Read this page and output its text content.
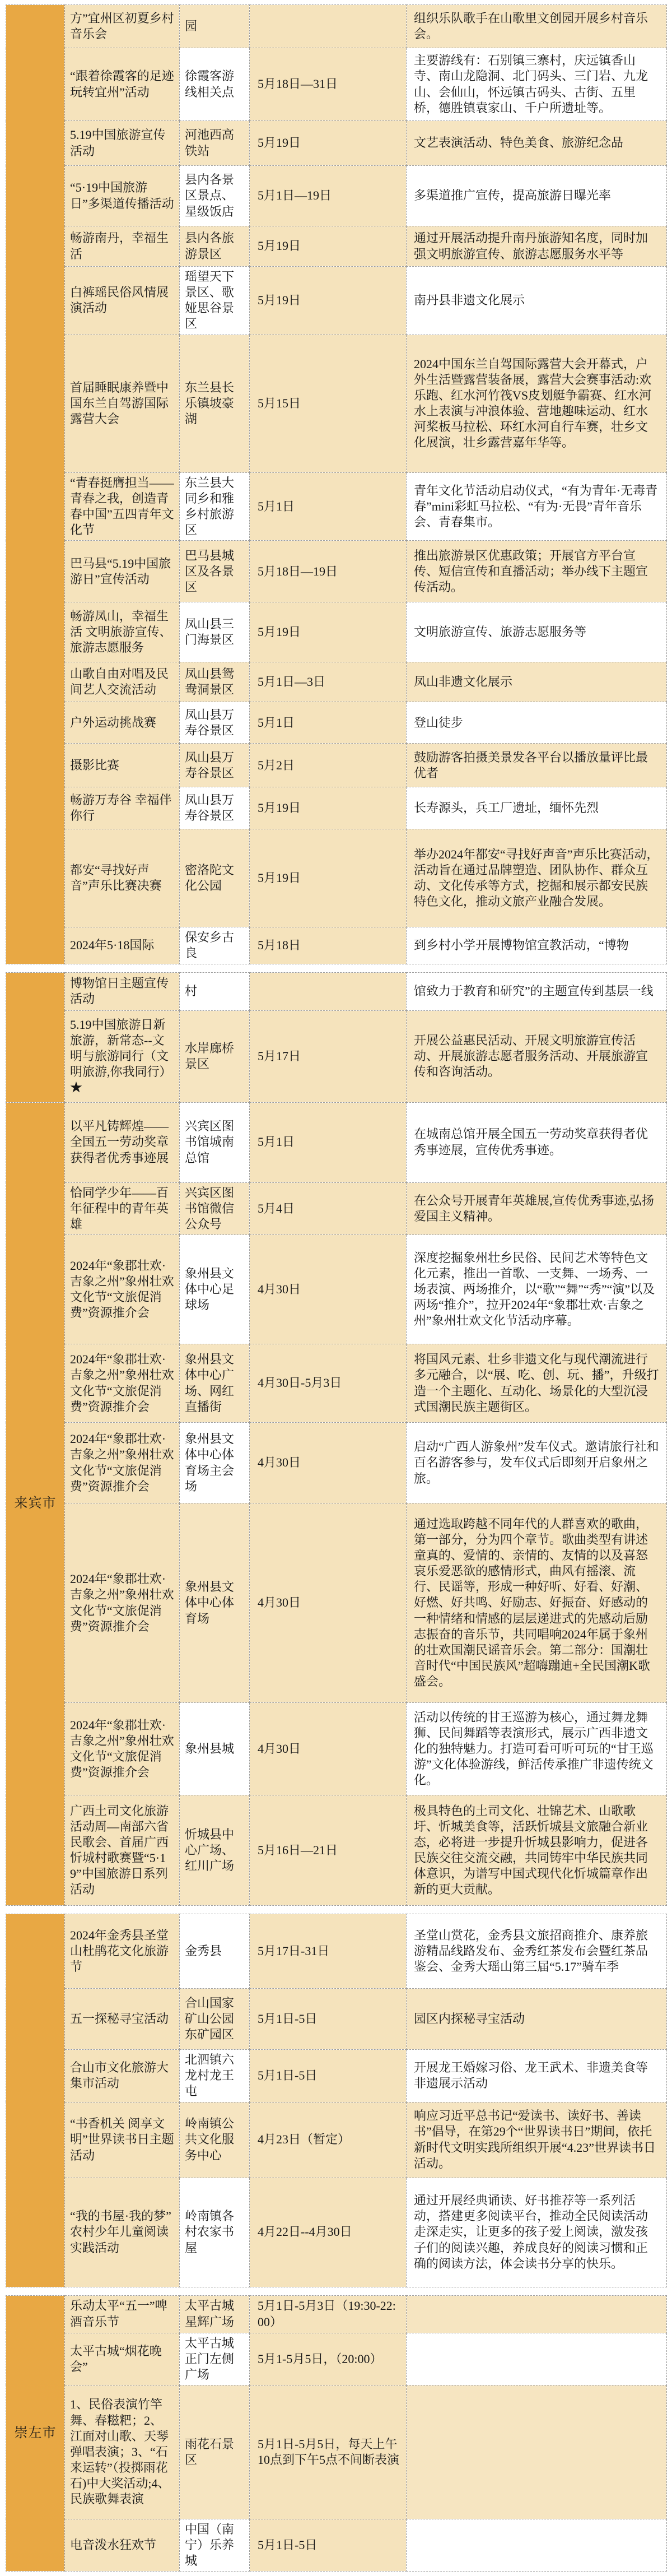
	方”宜州区初夏乡村音乐会	园		组织乐队歌手在山歌里文创园开展乡村音乐会。
	“跟着徐霞客的足迹玩转宜州”活动	徐霞客游线相关点	5月18日—31日	主要游线有：石别镇三寨村，庆远镇香山寺、南山龙隐洞、北门码头、三门岩、九龙山、会仙山，怀远镇古码头、古街、五里桥，德胜镇袁家山、千户所遗址等。
	5.19中国旅游宣传活动	河池西高铁站	5月19日	文艺表演活动、特色美食、旅游纪念品
	“5·19中国旅游日”多渠道传播活动	县内各景区景点、星级饭店	5月1日—19日	多渠道推广宣传，提高旅游日曝光率
	畅游南丹，幸福生活	县内各旅游景区	5月19日	通过开展活动提升南丹旅游知名度，同时加强文明旅游宣传、旅游志愿服务水平等
	白裤瑶民俗风情展演活动	瑶望天下景区、歌娅思谷景区	5月19日	南丹县非遗文化展示
	首届睡眠康养暨中国东兰自驾游国际露营大会	东兰县长乐镇坡豪湖	5月15日	2024中国东兰自驾国际露营大会开幕式，户外生活暨露营装备展，露营大会赛事活动:欢乐跑、红水河竹筏VS皮划艇争霸赛、红水河水上表演与冲浪体验、营地趣味运动、红水河桨板马拉松、环红水河自行车赛，壮乡文化展演，壮乡露营嘉年华等。
	“青春挺膺担当——青春之我，创造青春中国”五四青年文化节	东兰县大同乡和雅乡村旅游区	5月1日	青年文化节活动启动仪式，“有为青年·无毒青春”mini彩虹马拉松、“有为·无畏”青年音乐会、青春集市。
	巴马县“5.19中国旅游日”宣传活动	巴马县城区及各景区	5月18日—19日	推出旅游景区优惠政策；开展官方平台宣传、短信宣传和直播活动；举办线下主题宣传活动。
	畅游凤山，幸福生活 文明旅游宣传、旅游志愿服务	凤山县三门海景区	5月19日	文明旅游宣传、旅游志愿服务等
	山歌自由对唱及民间艺人交流活动	凤山县鸳鸯洞景区	5月1日—3日	凤山非遗文化展示
	户外运动挑战赛	凤山县万寿谷景区	5月1日	登山徒步
	摄影比赛	凤山县万寿谷景区	5月2日	鼓励游客拍摄美景发各平台以播放量评比最优者
	畅游万寿谷 幸福伴你行	凤山县万寿谷景区	5月19日	长寿源头，兵工厂遗址，缅怀先烈
	都安“寻找好声音”声乐比赛决赛	密洛陀文化公园	5月19日	举办2024年都安“寻找好声音”声乐比赛活动，活动旨在通过品牌塑造、团队协作、群众互动、文化传承等方式，挖掘和展示都安民族特色文化，推动文旅产业融合发展。
	2024年5·18国际	保安乡古良	5月18日	到乡村小学开展博物馆宣教活动，“博物

	博物馆日主题宣传活动	村		馆致力于教育和研究”的主题宣传到基层一线
	5.19中国旅游日新旅游，新常态--文明与旅游同行（文明旅游,你我同行）★	水岸廊桥景区	5月17日	开展公益惠民活动、开展文明旅游宣传活动、开展旅游志愿者服务活动、开展旅游宣传和咨询活动。
来宾市	以平凡铸辉煌——全国五一劳动奖章获得者优秀事迹展	兴宾区图书馆城南总馆	5月1日	在城南总馆开展全国五一劳动奖章获得者优秀事迹展，宣传优秀事迹。
	恰同学少年——百年征程中的青年英雄	兴宾区图书馆微信公众号	5月4日	在公众号开展青年英雄展,宣传优秀事迹,弘扬爱国主义精神。
	2024年“象郡壮欢·吉象之州”象州壮欢文化节“文旅促消费”资源推介会	象州县文体中心足球场	4月30日	深度挖掘象州壮乡民俗、民间艺术等特色文化元素，推出一首歌、一支舞、一场秀、一场表演、两场推介，以“歌”“舞”“秀”“演”以及两场“推介”，拉开2024年“象郡壮欢·吉象之州”象州壮欢文化节活动序幕。
	2024年“象郡壮欢·吉象之州”象州壮欢文化节“文旅促消费”资源推介会	象州县文体中心广场、网红直播街	4月30日-5月3日	将国风元素、壮乡非遗文化与现代潮流进行多元融合，以“展、吃、创、玩、播”，升级打造一个主题化、互动化、场景化的大型沉浸式国潮民族主题街区。
	2024年“象郡壮欢·吉象之州”象州壮欢文化节“文旅促消费”资源推介会	象州县文体中心体育场主会场	4月30日	启动“广西人游象州”发车仪式。邀请旅行社和百名游客参与，发车仪式后即刻开启象州之旅。
	2024年“象郡壮欢·吉象之州”象州壮欢文化节“文旅促消费”资源推介会	象州县文体中心体育场	4月30日	通过选取跨越不同年代的人群喜欢的歌曲，第一部分，分为四个章节。歌曲类型有讲述童真的、爱情的、亲情的、友情的以及喜怒哀乐爱恶欲的感情形式，曲风有摇滚、流行、民谣等，形成一种好听、好看、好潮、好燃、好共鸣、好励志、好振奋、好感动的一种情绪和情感的层层递进式的先感动后励志振奋的音乐节，共同唱响2024年属于象州的壮欢国潮民谣音乐会。第二部分：国潮壮音时代“中国民族风”超嗨蹦迪+全民国潮K歌盛会。
	2024年“象郡壮欢·吉象之州”象州壮欢文化节“文旅促消费”资源推介会	象州县城	4月30日	活动以传统的甘王巡游为核心，通过舞龙舞狮、民间舞蹈等表演形式，展示广西非遗文化的独特魅力。打造可看可听可玩的“甘王巡游”文化体验游线，鲜活传承推广非遗传统文化。
	广西土司文化旅游活动周—南部六省民歌会、首届广西忻城村歌赛暨“5·19”中国旅游日系列活动	忻城县中心广场、红川广场	5月16日—21日	极具特色的土司文化、壮锦艺术、山歌歌圩、忻城美食等，活跃忻城县文旅融合新业态，必将进一步提升忻城县影响力，促进各民族交往交流交融，共同铸牢中华民族共同体意识，为谱写中国式现代化忻城篇章作出新的更大贡献。

	2024年金秀县圣堂山杜鹃花文化旅游节	金秀县	5月17日-31日	圣堂山赏花，金秀县文旅招商推介、康养旅游精品线路发布、金秀红茶发布会暨红茶品鉴会、金秀大瑶山第三届“5.17”骑车季
	五一探秘寻宝活动	合山国家矿山公园东矿园区	5月1日-5日	园区内探秘寻宝活动
	合山市文化旅游大集市活动	北泗镇六龙村龙王屯	5月1日-5日	开展龙王婚嫁习俗、龙王武术、非遗美食等非遗展示活动
	“书香机关 阅享文明”世界读书日主题活动	岭南镇公共文化服务中心	4月23日（暂定）	响应习近平总书记“爱读书、读好书、善读书”倡导，在第29个“世界读书日”期间，依托新时代文明实践所组织开展“4.23”世界读书日活动。
	“我的书屋·我的梦” 农村少年儿童阅读实践活动	岭南镇各村农家书屋	4月22日--4月30日	通过开展经典诵读、好书推荐等一系列活动，搭建更多阅读平台，推动全民阅读活动走深走实，让更多的孩子爱上阅读，激发孩子们的阅读兴趣，养成良好的阅读习惯和正确的阅读方法，体会读书分享的快乐。

崇左市	乐动太平“五一”啤酒音乐节	太平古城星辉广场	5月1日-5月3日（19:30-22:00）	
	太平古城“烟花晚会”	太平古城正门左侧广场	5月1-5月5日，（20:00）	
	1、民俗表演竹竿舞、春糍粑；2、江面对山歌、天琴弹唱表演；3、“石来运转”（投掷雨花石)中大奖活动;4、民族歌舞表演	雨花石景区	5月1日-5月5日，每天上午10点到下午5点不间断表演	
	电音泼水狂欢节	中国（南宁）乐养城	5月1日-5日	
